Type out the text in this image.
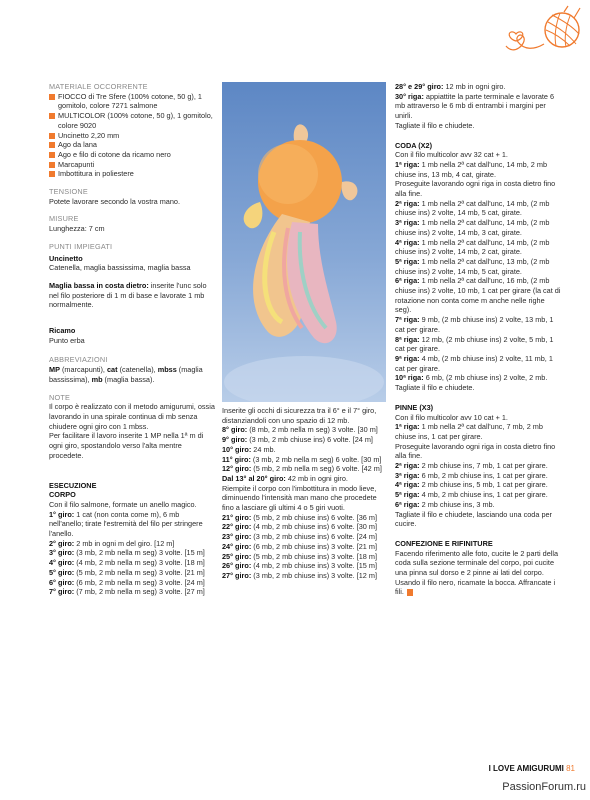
MATERIALE OCCORRENTE
FIOCCO di Tre Sfere (100% cotone, 50 g), 1 gomitolo, colore 7271 salmone
MULTICOLOR (100% cotone, 50 g), 1 gomitolo, colore 9020
Uncinetto 2,20 mm
Ago da lana
Ago e filo di cotone da ricamo nero
Marcapunti
Imbottitura in poliestere
TENSIONE
Potete lavorare secondo la vostra mano.
MISURE
Lunghezza: 7 cm
PUNTI IMPIEGATI
Uncinetto
Catenella, maglia bassissima, maglia bassa
Maglia bassa in costa dietro: inserite l'unc solo nel filo posteriore di 1 m di base e lavorate 1 mb normalmente.
Ricamo
Punto erba
ABBREVIAZIONI
MP (marcapunti), cat (catenella), mbss (maglia bassissima), mb (maglia bassa).
NOTE
Il corpo è realizzato con il metodo amigurumi, ossia lavorando in una spirale continua di mb senza chiudere ogni giro con 1 mbss.
Per facilitare il lavoro inserite 1 MP nella 1ª m di ogni giro, spostandolo verso l'alta mentre procedete.
ESECUZIONE
CORPO
Con il filo salmone, formate un anello magico.
1° giro: 1 cat (non conta come m), 6 mb nell'anello; tirate l'estremità del filo per stringere l'anello.
2° giro: 2 mb in ogni m del giro. [12 m]
3° giro: (3 mb, 2 mb nella m seg) 3 volte. [15 m]
4° giro: (4 mb, 2 mb nella m seg) 3 volte. [18 m]
5° giro: (5 mb, 2 mb nella m seg) 3 volte. [21 m]
6° giro: (6 mb, 2 mb nella m seg) 3 volte. [24 m]
7° giro: (7 mb, 2 mb nella m seg) 3 volte. [27 m]
Inserite gli occhi di sicurezza tra il 6° e il 7° giro, distanziandoli con uno spazio di 12 mb.
8° giro: (8 mb, 2 mb nella m seg) 3 volte. [30 m]
9° giro: (3 mb, 2 mb chiuse ins) 6 volte. [24 m]
10° giro: 24 mb.
11° giro: (3 mb, 2 mb nella m seg) 6 volte. [30 m]
12° giro: (5 mb, 2 mb nella m seg) 6 volte. [42 m]
Dal 13° al 20° giro: 42 mb in ogni giro.
Riempite il corpo con l'imbottitura in modo lieve, diminuendo l'intensità man mano che procedete fino a lasciare gli ultimi 4 o 5 giri vuoti.
21° giro: (5 mb, 2 mb chiuse ins) 6 volte. [36 m]
22° giro: (4 mb, 2 mb chiuse ins) 6 volte. [30 m]
23° giro: (3 mb, 2 mb chiuse ins) 6 volte. [24 m]
24° giro: (6 mb, 2 mb chiuse ins) 3 volte. [21 m]
25° giro: (5 mb, 2 mb chiuse ins) 3 volte. [18 m]
26° giro: (4 mb, 2 mb chiuse ins) 3 volte. [15 m]
27° giro: (3 mb, 2 mb chiuse ins) 3 volte. [12 m]
28° e 29° giro: 12 mb in ogni giro.
30° riga: appiattite la parte terminale e lavorate 6 mb attraverso le 6 mb di entrambi i margini per unirli.
Tagliate il filo e chiudete.
CODA (X2)
Con il filo multicolor avv 32 cat + 1.
1ª riga: 1 mb nella 2ª cat dall'unc, 14 mb, 2 mb chiuse ins, 13 mb, 4 cat, girate.
Proseguite lavorando ogni riga in costa dietro fino alla fine.
2ª riga: 1 mb nella 2ª cat dall'unc, 14 mb, (2 mb chiuse ins) 2 volte, 14 mb, 5 cat, girate.
3ª riga: 1 mb nella 2ª cat dall'unc, 14 mb, (2 mb chiuse ins) 2 volte, 14 mb, 3 cat, girate.
4ª riga: 1 mb nella 2ª cat dall'unc, 14 mb, (2 mb chiuse ins) 2 volte, 14 mb, 2 cat, girate.
5ª riga: 1 mb nella 2ª cat dall'unc, 13 mb, (2 mb chiuse ins) 2 volte, 14 mb, 5 cat, girate.
6ª riga: 1 mb nella 2ª cat dall'unc, 16 mb, (2 mb chiuse ins) 2 volte, 10 mb, 1 cat per girare (la cat di rotazione non conta come m anche nelle righe seg).
7ª riga: 9 mb, (2 mb chiuse ins) 2 volte, 13 mb, 1 cat per girare.
8ª riga: 12 mb, (2 mb chiuse ins) 2 volte, 5 mb, 1 cat per girare.
9ª riga: 4 mb, (2 mb chiuse ins) 2 volte, 11 mb, 1 cat per girare.
10ª riga: 6 mb, (2 mb chiuse ins) 2 volte, 2 mb. Tagliate il filo e chiudete.
PINNE (X3)
Con il filo multicolor avv 10 cat + 1.
1ª riga: 1 mb nella 2ª cat dall'unc, 7 mb, 2 mb chiuse ins, 1 cat per girare.
Proseguite lavorando ogni riga in costa dietro fino alla fine.
2ª riga: 2 mb chiuse ins, 7 mb, 1 cat per girare.
3ª riga: 6 mb, 2 mb chiuse ins, 1 cat per girare.
4ª riga: 2 mb chiuse ins, 5 mb, 1 cat per girare.
5ª riga: 4 mb, 2 mb chiuse ins, 1 cat per girare.
6ª riga: 2 mb chiuse ins, 3 mb.
Tagliate il filo e chiudete, lasciando una coda per cucire.
CONFEZIONE E RIFINITURE
Facendo riferimento alle foto, cucite le 2 parti della coda sulla sezione terminale del corpo, poi cucite una pinna sul dorso e 2 pinne ai lati del corpo.
Usando il filo nero, ricamate la bocca. Affrancate i fili.
I LOVE AMIGURUMI 81
PassionForum.ru
